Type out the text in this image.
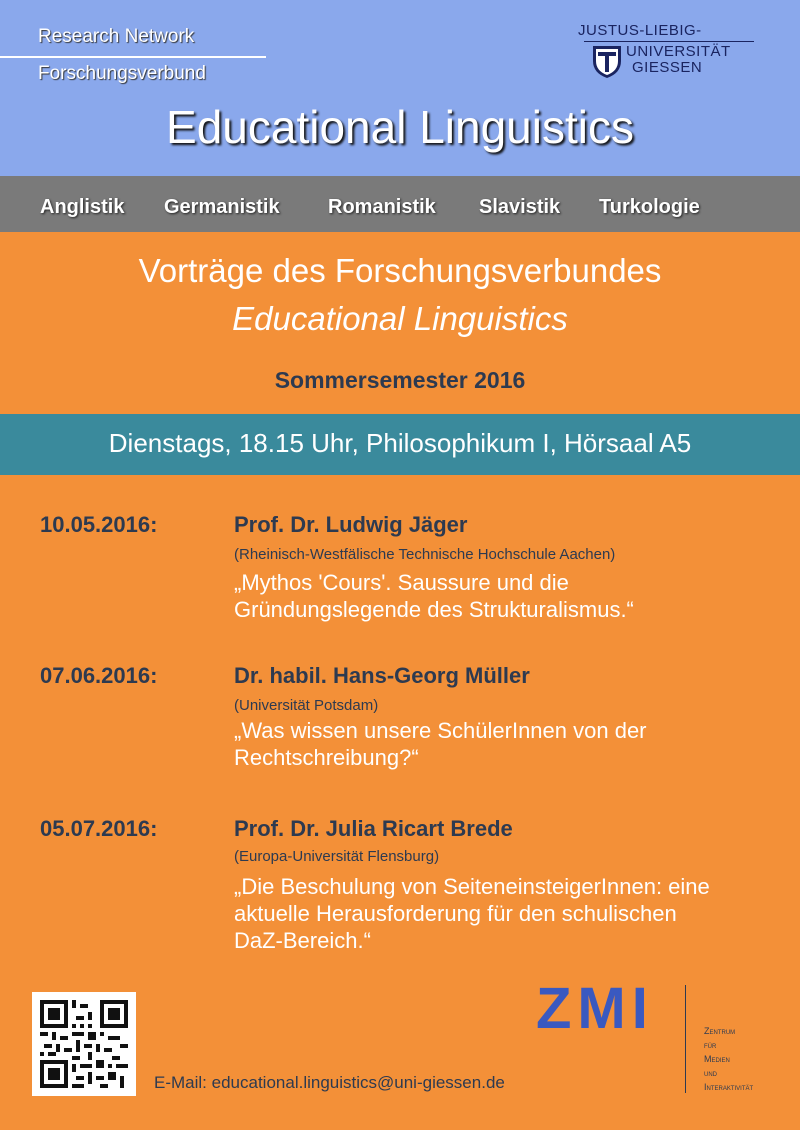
Research Network
Forschungsverbund
JUSTUS-LIEBIG-
UNIVERSITÄT
GIESSEN
Educational Linguistics
Anglistik Germanistik Romanistik Slavistik Turkologie
Vorträge des Forschungsverbundes
Educational Linguistics
Sommersemester 2016
Dienstags, 18.15 Uhr, Philosophikum I, Hörsaal A5
10.05.2016:	Prof. Dr. Ludwig Jäger
(Rheinisch-Westfälische Technische Hochschule Aachen)
„Mythos 'Cours'. Saussure und die
Gründungslegende des Strukturalismus.“
07.06.2016:	Dr. habil. Hans-Georg Müller
(Universität Potsdam)
„Was wissen unsere SchülerInnen von der
Rechtschreibung?“
05.07.2016:	Prof. Dr. Julia Ricart Brede
(Europa-Universität Flensburg)
„Die Beschulung von SeiteneinsteigerInnen: eine
aktuelle Herausforderung für den schulischen
DaZ-Bereich.“
E-Mail: educational.linguistics@uni-giessen.de
ZMI	Zentrum
für
Medien
und
Interaktivität
